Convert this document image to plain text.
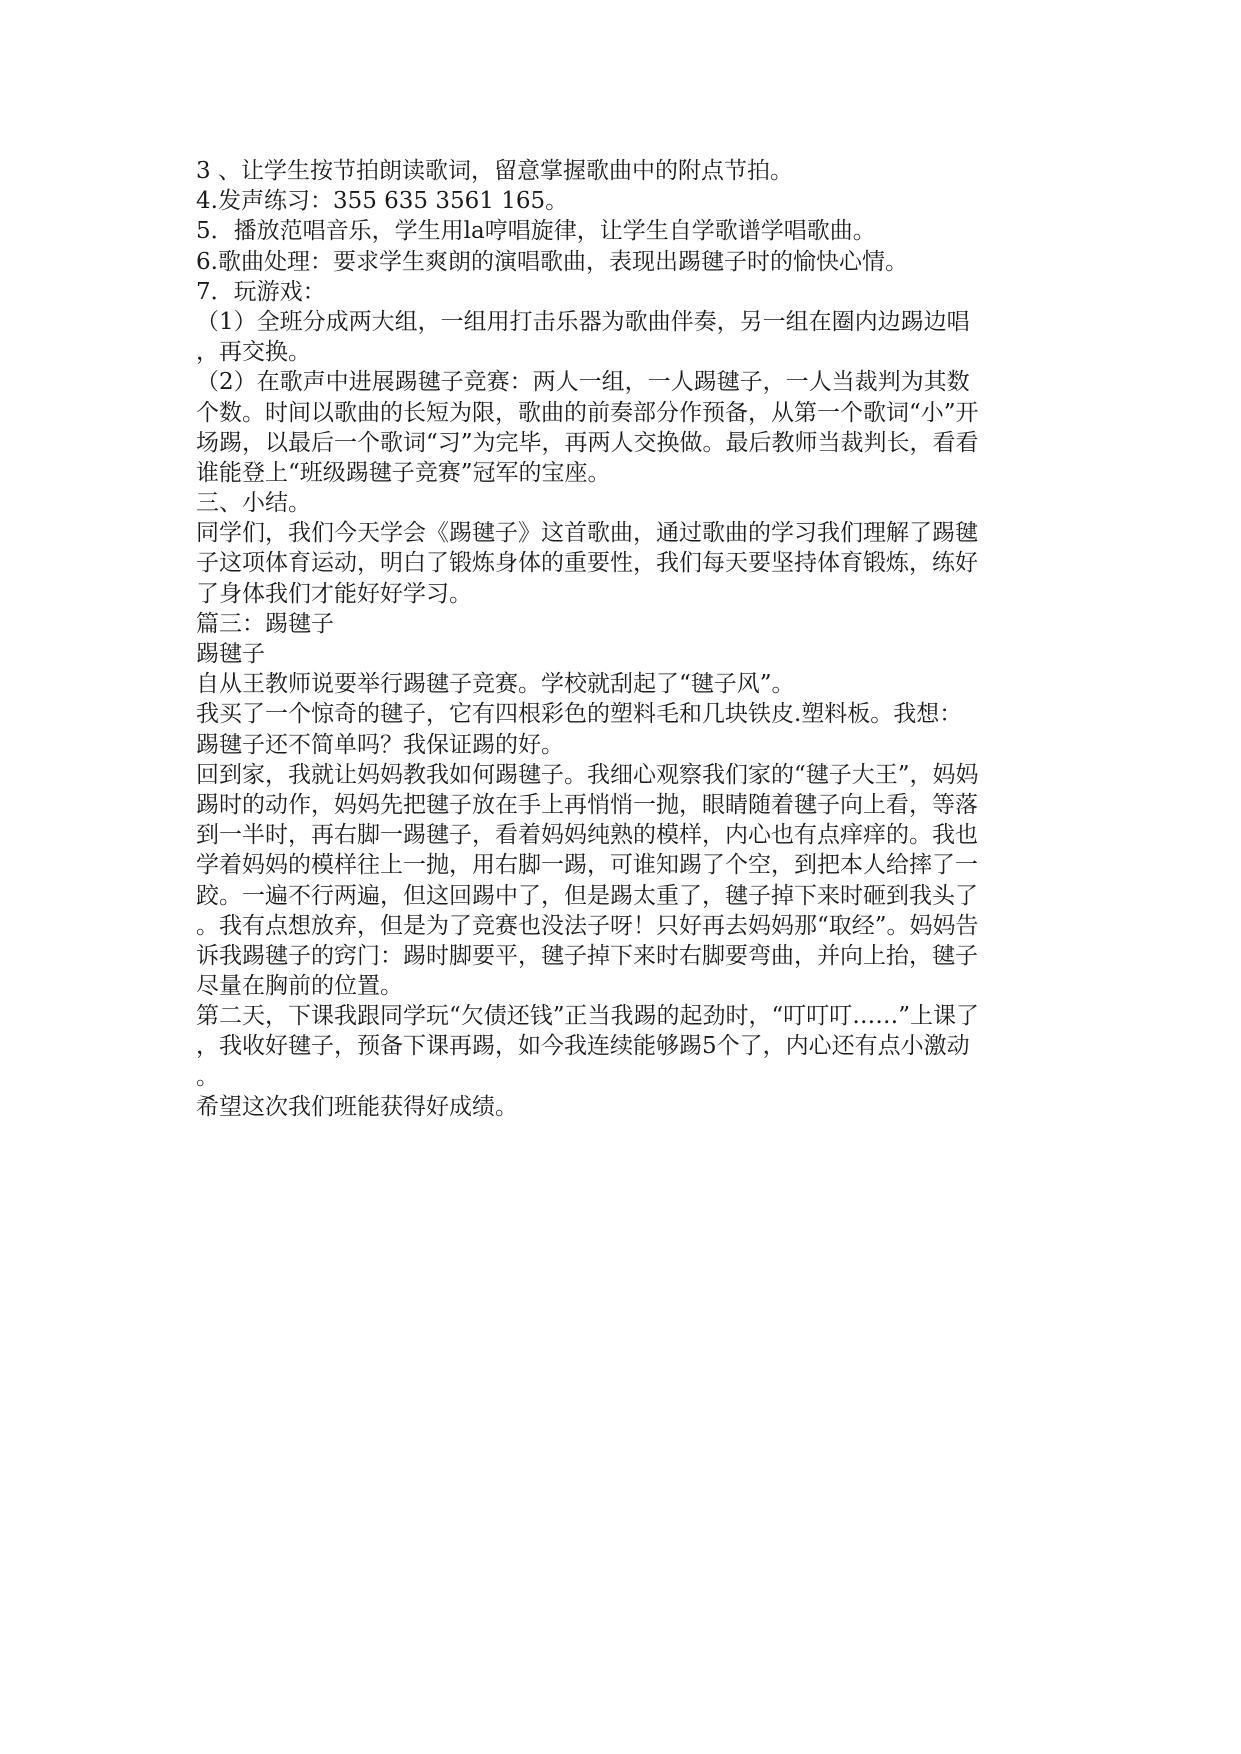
3 、让学生按节拍朗读歌词，留意掌握歌曲中的附点节拍。
4.发声练习：355 635 3561 165。
5．播放范唱音乐，学生用la哼唱旋律，让学生自学歌谱学唱歌曲。
6.歌曲处理：要求学生爽朗的演唱歌曲，表现出踢毽子时的愉快心情。
7．玩游戏：
（1）全班分成两大组，一组用打击乐器为歌曲伴奏，另一组在圈内边踢边唱
，再交换。
（2）在歌声中进展踢毽子竞赛：两人一组，一人踢毽子，一人当裁判为其数
个数。时间以歌曲的长短为限，歌曲的前奏部分作预备，从第一个歌词“小”开
场踢，以最后一个歌词“习”为完毕，再两人交换做。最后教师当裁判长，看看
谁能登上“班级踢毽子竞赛”冠军的宝座。
三、小结。
同学们，我们今天学会《踢毽子》这首歌曲，通过歌曲的学习我们理解了踢毽
子这项体育运动，明白了锻炼身体的重要性，我们每天要坚持体育锻炼，练好
了身体我们才能好好学习。
篇三：踢毽子
踢毽子
自从王教师说要举行踢毽子竞赛。学校就刮起了“毽子风”。
我买了一个惊奇的毽子，它有四根彩色的塑料毛和几块铁皮.塑料板。我想：
踢毽子还不简单吗？我保证踢的好。
回到家，我就让妈妈教我如何踢毽子。我细心观察我们家的“毽子大王”，妈妈
踢时的动作，妈妈先把毽子放在手上再悄悄一抛，眼睛随着毽子向上看，等落
到一半时，再右脚一踢毽子，看着妈妈纯熟的模样，内心也有点痒痒的。我也
学着妈妈的模样往上一抛，用右脚一踢，可谁知踢了个空，到把本人给摔了一
跤。一遍不行两遍，但这回踢中了，但是踢太重了，毽子掉下来时砸到我头了
。我有点想放弃，但是为了竞赛也没法子呀！只好再去妈妈那“取经”。妈妈告
诉我踢毽子的窍门：踢时脚要平，毽子掉下来时右脚要弯曲，并向上抬，毽子
尽量在胸前的位置。
第二天，下课我跟同学玩“欠债还钱”正当我踢的起劲时，“叮叮叮……”上课了
，我收好毽子，预备下课再踢，如今我连续能够踢5个了，内心还有点小激动
。
希望这次我们班能获得好成绩。
